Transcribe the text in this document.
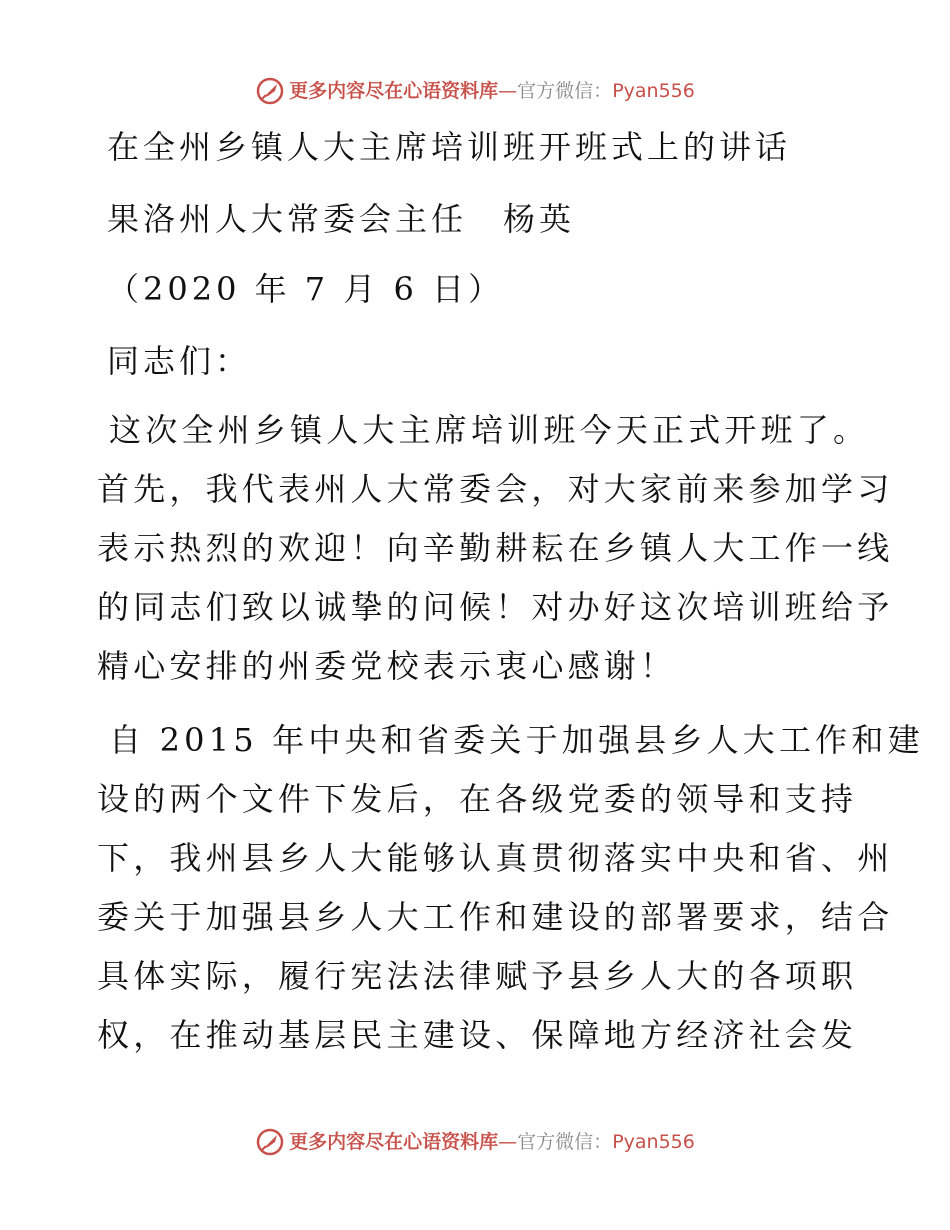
更多内容尽在心语资料库 — 官方微信： Pyan556
在全州乡镇人大主席培训班开班式上的讲话
果洛州人大常委会主任　杨英
（2020 年 7 月 6 日）
同志们：
这次全州乡镇人大主席培训班今天正式开班了。
首先，我代表州人大常委会，对大家前来参加学习
表示热烈的欢迎！向辛勤耕耘在乡镇人大工作一线
的同志们致以诚挚的问候！对办好这次培训班给予
精心安排的州委党校表示衷心感谢！
自 2015 年中央和省委关于加强县乡人大工作和建
设的两个文件下发后，在各级党委的领导和支持
下，我州县乡人大能够认真贯彻落实中央和省、州
委关于加强县乡人大工作和建设的部署要求，结合
具体实际，履行宪法法律赋予县乡人大的各项职
权，在推动基层民主建设、保障地方经济社会发
更多内容尽在心语资料库 — 官方微信： Pyan556
